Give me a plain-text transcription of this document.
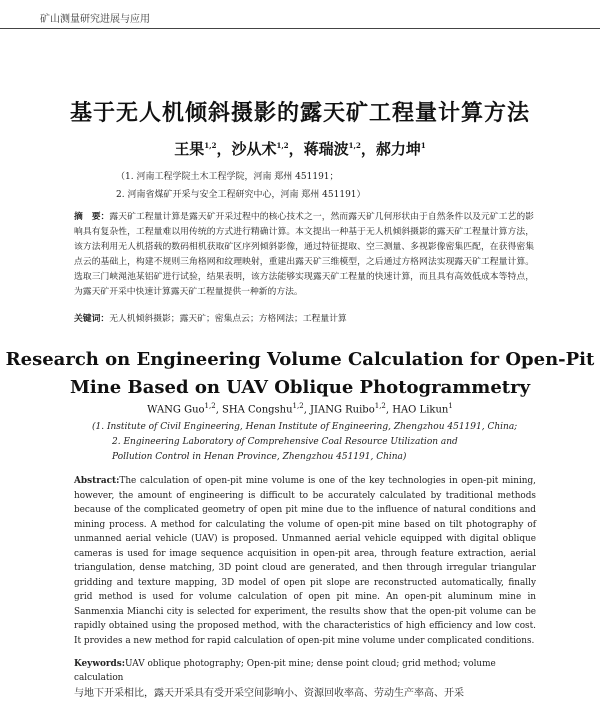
矿山测量研究进展与应用
基于无人机倾斜摄影的露天矿工程量计算方法
王果$^{1,2}$，沙从术$^{1,2}$，蒋瑞波$^{1,2}$，郝力坤$^1$
（1. 河南工程学院土木工程学院，河南 郑州 451191；
2. 河南省煤矿开采与安全工程研究中心，河南 郑州 451191）
摘　要：露天矿工程量计算是露天矿开采过程中的核心技术之一，然而露天矿几何形状由于自然条件以及元矿工艺的影响具有复杂性，工程量难以用传统的方式进行精确计算。本文提出一种基于无人机倾斜摄影的露天矿工程量计算方法，该方法利用无人机搭载的数码相机获取矿区序列倾斜影像，通过特征提取、空三测量、多视影像密集匹配，在获得密集点云的基础上，构建不规则三角格网和纹理映射，重建出露天矿三维模型，之后通过方格网法实现露天矿工程量计算。选取三门峡渑池某铝矿进行试验，结果表明，该方法能够实现露天矿工程量的快速计算，而且具有高效低成本等特点，为露天矿开采中快速计算露天矿工程量提供一种新的方法。
关键词：无人机倾斜摄影；露天矿；密集点云；方格网法；工程量计算
Research on Engineering Volume Calculation for Open-Pit
Mine Based on UAV Oblique Photogrammetry
WANG Guo$^{1,2}$, SHA Congshu$^{1,2}$, JIANG Ruibo$^{1,2}$, HAO Likun$^1$
(1. Institute of Civil Engineering, Henan Institute of Engineering, Zhengzhou 451191, China;
2. Engineering Laboratory of Comprehensive Coal Resource Utilization and
Pollution Control in Henan Province, Zhengzhou 451191, China)
Abstract:The calculation of open-pit mine volume is one of the key technologies in open-pit mining, however, the amount of engineering is difficult to be accurately calculated by traditional methods because of the complicated geometry of open pit mine due to the influence of natural conditions and mining process. A method for calculating the volume of open-pit mine based on tilt photography of unmanned aerial vehicle (UAV) is proposed. Unmanned aerial vehicle equipped with digital oblique cameras is used for image sequence acquisition in open-pit area, through feature extraction, aerial triangulation, dense matching, 3D point cloud are generated, and then through irregular triangular gridding and texture mapping, 3D model of open pit slope are reconstructed automatically, finally grid method is used for volume calculation of open pit mine. An open-pit aluminum mine in Sanmenxia Mianchi city is selected for experiment, the results show that the open-pit volume can be rapidly obtained using the proposed method, with the characteristics of high efficiency and low cost. It provides a new method for rapid calculation of open-pit mine volume under complicated conditions.
Keywords:UAV oblique photography; Open-pit mine; dense point cloud; grid method; volume calculation
与地下开采相比，露天开采具有受开采空间影响小、资源回收率高、劳动生产率高、开采
